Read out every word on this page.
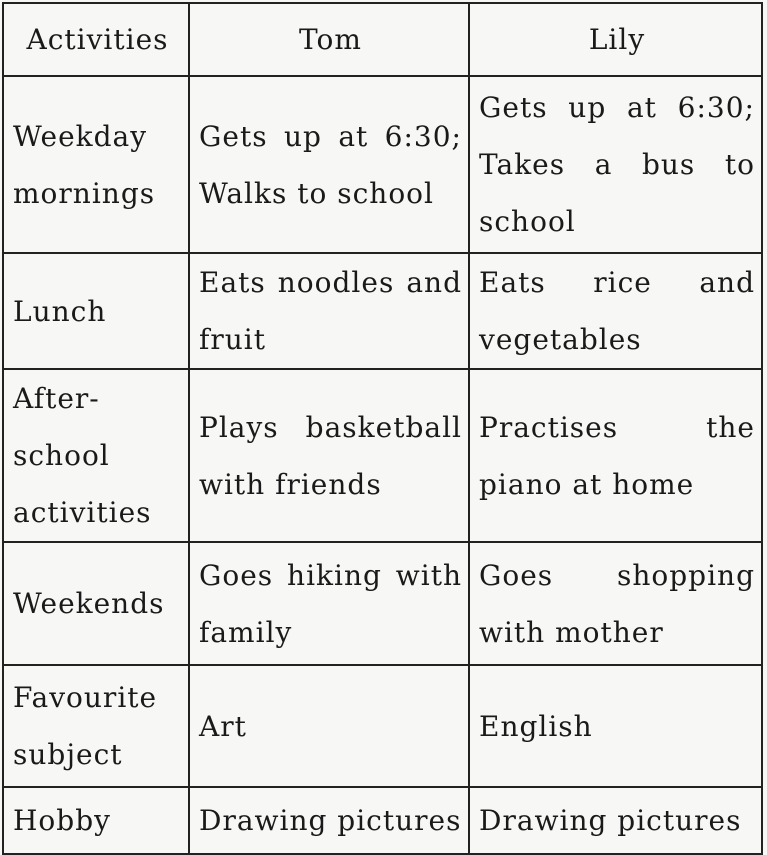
Activities	Tom	Lily
Weekday mornings	Gets up at 6:30; Walks to school	Gets up at 6:30; Takes a bus to school
Lunch	Eats noodles and fruit	Eats rice and vegetables
After-school activities	Plays basketball with friends	Practises the piano at home
Weekends	Goes hiking with family	Goes shopping with mother
Favourite subject	Art	English
Hobby	Drawing pictures	Drawing pictures
